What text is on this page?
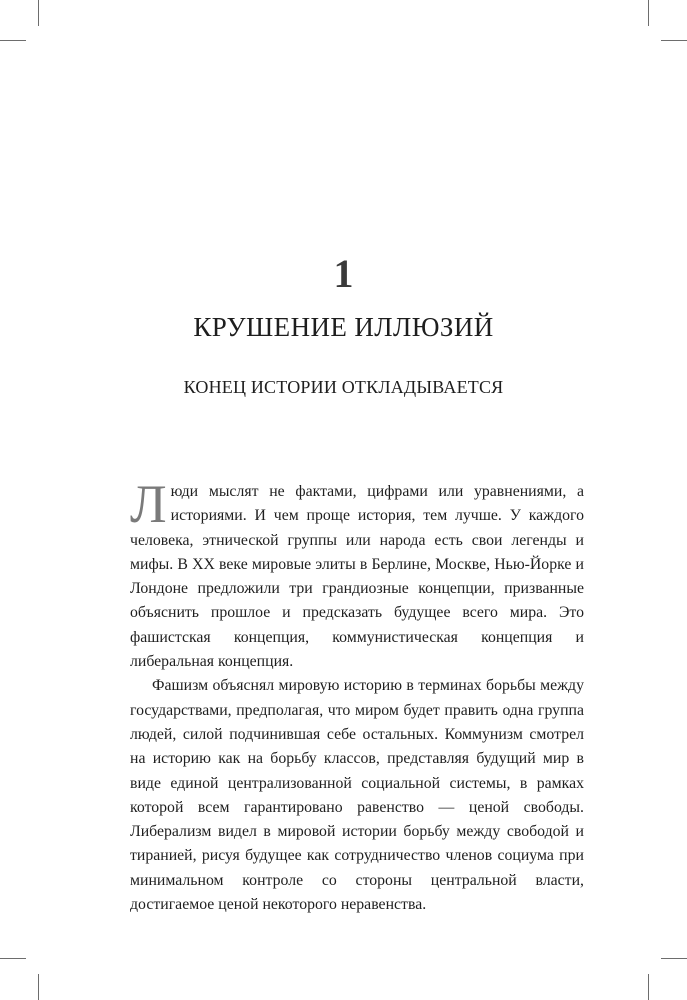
1
КРУШЕНИЕ ИЛЛЮЗИЙ
КОНЕЦ ИСТОРИИ ОТКЛАДЫВАЕТСЯ

Люди мыслят не фактами, цифрами или уравнениями, а историями. И чем проще история, тем лучше. У каждого человека, этнической группы или народа есть свои легенды и мифы. В XX веке мировые элиты в Берлине, Москве, Нью-Йорке и Лондоне предложили три грандиозные концепции, призванные объяснить прошлое и предсказать будущее всего мира. Это фашистская концепция, коммунистическая концепция и либеральная концепция.

Фашизм объяснял мировую историю в терминах борьбы между государствами, предполагая, что миром будет править одна группа людей, силой подчинившая себе остальных. Коммунизм смотрел на историю как на борьбу классов, представляя будущий мир в виде единой централизованной социальной системы, в рамках которой всем гарантировано равенство — ценой свободы. Либерализм видел в мировой истории борьбу между свободой и тиранией, рисуя будущее как сотрудничество членов социума при минимальном контроле со стороны центральной власти, достигаемое ценой некоторого неравенства.
